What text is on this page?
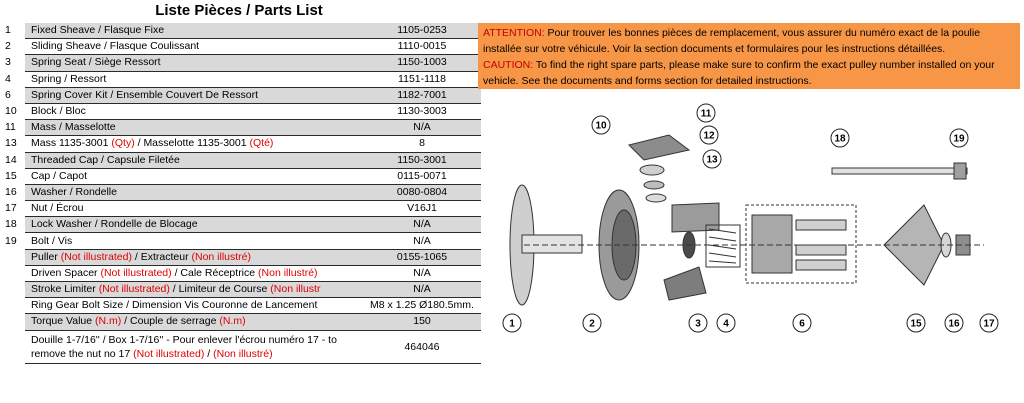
Liste Pièces / Parts List
1	Fixed Sheave / Flasque Fixe	1105-0253
2	Sliding Sheave / Flasque Coulissant	1110-0015
3	Spring Seat / Siège Ressort	1150-1003
4	Spring / Ressort	1151-1118
6	Spring Cover Kit / Ensemble Couvert De Ressort	1182-7001
10	Block / Bloc	1130-3003
11	Mass / Masselotte	N/A
13	Mass 1135-3001 (Qty) / Masselotte 1135-3001 (Qté)	8
14	Threaded Cap / Capsule Filetée	1150-3001
15	Cap / Capot	0115-0071
16	Washer / Rondelle	0080-0804
17	Nut / Écrou	V16J1
18	Lock Washer / Rondelle de Blocage	N/A
19	Bolt / Vis	N/A
	Puller (Not illustrated) / Extracteur (Non illustré)	0155-1065
	Driven Spacer (Not illustrated) / Cale Réceptrice (Non illustré)	N/A
	Stroke Limiter (Not illustrated) / Limiteur de Course (Non illustr	N/A
	Ring Gear Bolt Size / Dimension Vis Couronne de Lancement	M8 x 1.25 Ø180.5mm.
	Torque Value (N.m) / Couple de serrage (N.m)	150
	Douille 1-7/16'' / Box 1-7/16'' - Pour enlever l'écrou numéro 17 - to remove the nut no 17 (Not illustrated) / (Non illustré)	464046
ATTENTION: Pour trouver les bonnes pièces de remplacement, vous assurer du numéro exact de la poulie installée sur votre véhicule. Voir la section documents et formulaires pour les instructions détaillées.
CAUTION: To find the right spare parts, please make sure to confirm the exact pulley number installed on your vehicle. See the documents and forms section for detailed instructions.
1	2	3 4	6
10
11
12
13
15	16 17
18	19
